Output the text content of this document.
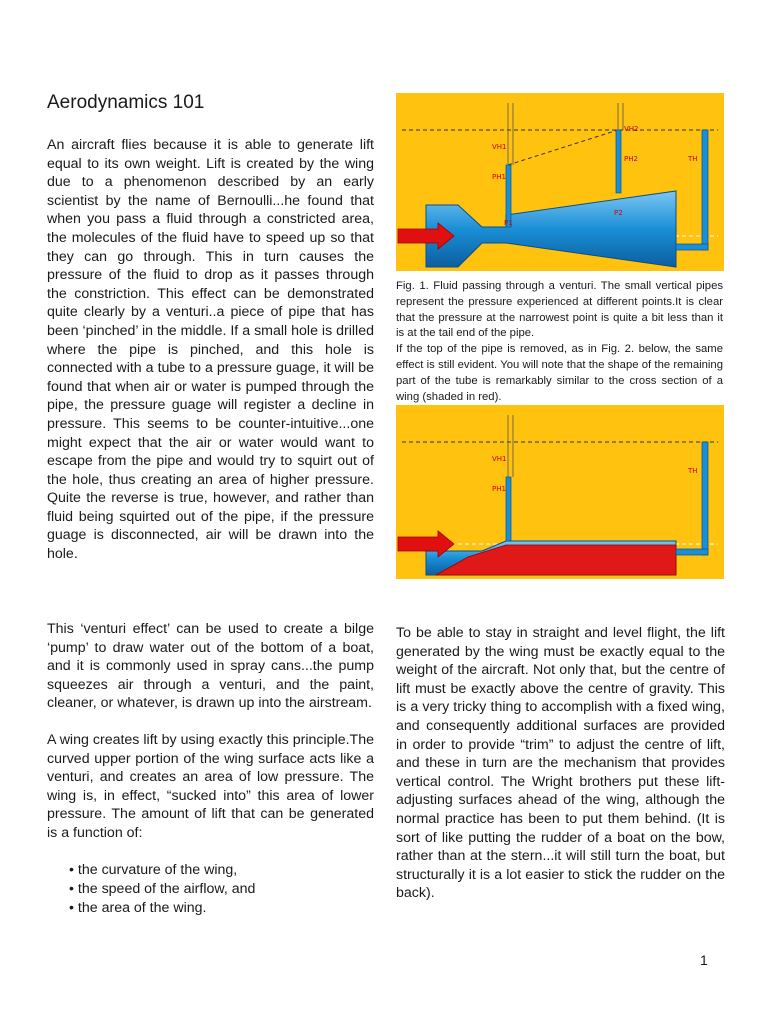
Aerodynamics 101

An aircraft flies because it is able to generate lift equal to its own weight. Lift is created by the wing due to a phenomenon described by an early scientist by the name of Bernoulli...he found that when you pass a fluid through a constricted area, the molecules of the fluid have to speed up so that they can go through. This in turn causes the pressure of the fluid to drop as it passes through the constriction. This effect can be demonstrated quite clearly by a venturi..a piece of pipe that has been ‘pinched’ in the middle. If a small hole is drilled where the pipe is pinched, and this hole is connected with a tube to a pressure guage, it will be found that when air or water is pumped through the pipe, the pressure guage will register a decline in pressure. This seems to be counter-intuitive...one might expect that the air or water would want to escape from the pipe and would try to squirt out of the hole, thus creating an area of higher pressure. Quite the reverse is true, however, and rather than fluid being squirted out of the pipe, if the pressure guage is disconnected, air will be drawn into the hole.

This ‘venturi effect’ can be used to create a bilge ‘pump’ to draw water out of the bottom of a boat, and it is commonly used in spray cans...the pump squeezes air through a venturi, and the paint, cleaner, or whatever, is drawn up into the airstream.

A wing creates lift by using exactly this principle.The curved upper portion of the wing surface acts like a venturi, and creates an area of low pressure. The wing is, in effect, “sucked into” this area of lower pressure. The amount of lift that can be generated is a function of:

• the curvature of the wing,
• the speed of the airflow, and
• the area of the wing.
VH1
PH1
VH2
PH2	TH
P1
P2

Fig. 1. Fluid passing through a venturi. The small vertical pipes represent the pressure experienced at different points.It is clear that the pressure at the narrowest point is quite a bit less than it is at the tail end of the pipe.

If the top of the pipe is removed, as in Fig. 2. below, the same effect is still evident. You will note that the shape of the remaining part of the tube is remarkably similar to the cross section of a wing (shaded in red).

VH1
PH1
TH

To be able to stay in straight and level flight, the lift generated by the wing must be exactly equal to the weight of the aircraft. Not only that, but the centre of lift must be exactly above the centre of gravity. This is a very tricky thing to accomplish with a fixed wing, and consequently additional surfaces are provided in order to provide “trim” to adjust the centre of lift, and these in turn are the mechanism that provides vertical control. The Wright brothers put these lift-adjusting surfaces ahead of the wing, although the normal practice has been to put them behind. (It is sort of like putting the rudder of a boat on the bow, rather than at the stern...it will still turn the boat, but structurally it is a lot easier to stick the rudder on the back).

1
